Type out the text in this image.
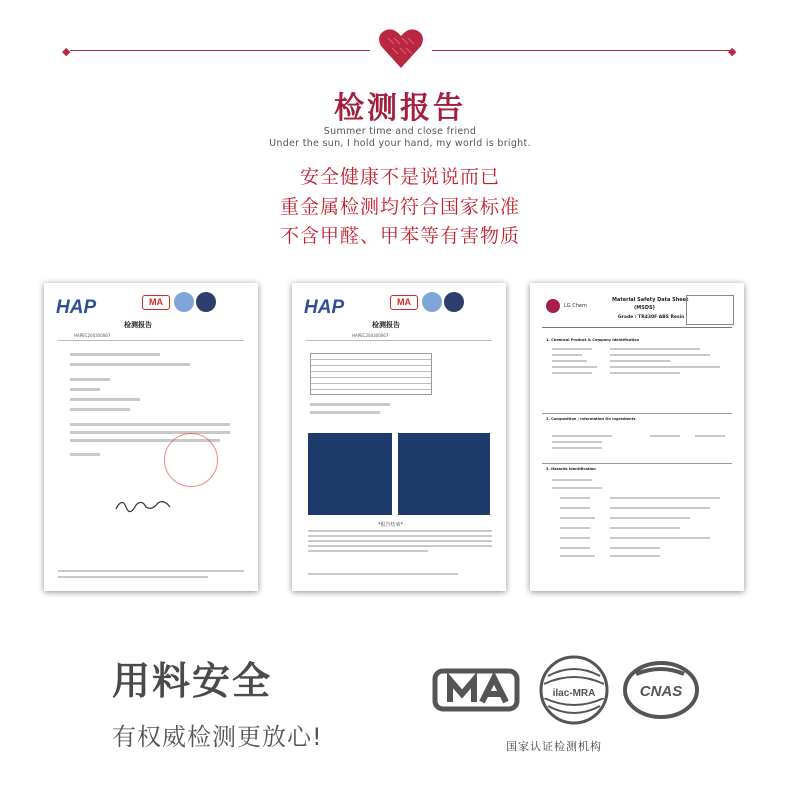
◆	◆
检测报告
Summer time and close friend
Under the sun, I hold your hand, my world is bright.
安全健康不是说说而已
重金属检测均符合国家标准
不含甲醛、甲苯等有害物质
HAP	MA
检测报告
HAPEC200300067
HAP	MA
检测报告
HAPEC200300067
*报告结束*
LG Chem
Material Safety Data Sheet
(MSDS)
Grade : TR430F ABS Resin
1. Chemical Product & Company Identification
2. Composition / Information On Ingredients
3. Hazards Identification
用料安全
有权威检测更放心!
ilac-MRA	CNAS
国家认证检测机构
